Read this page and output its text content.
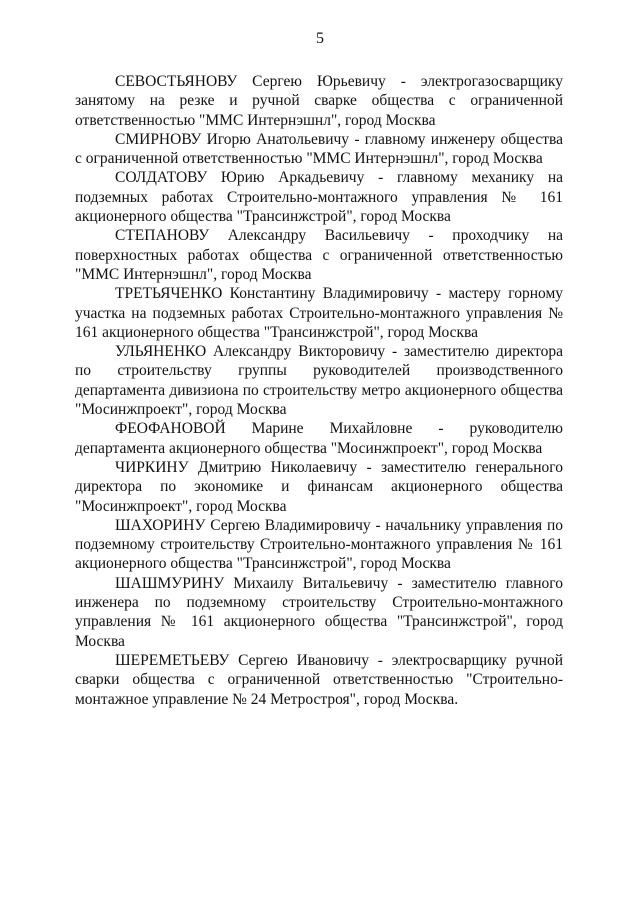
5

СЕВОСТЬЯНОВУ Сергею Юрьевичу - электрогазосварщику занятому на резке и ручной сварке общества с ограниченной ответственностью "ММС Интернэшнл", город Москва

СМИРНОВУ Игорю Анатольевичу - главному инженеру общества с ограниченной ответственностью "ММС Интернэшнл", город Москва

СОЛДАТОВУ Юрию Аркадьевичу - главному механику на подземных работах Строительно-монтажного управления № 161 акционерного общества "Трансинжстрой", город Москва

СТЕПАНОВУ Александру Васильевичу - проходчику на поверхностных работах общества с ограниченной ответственностью "ММС Интернэшнл", город Москва

ТРЕТЬЯЧЕНКО Константину Владимировичу - мастеру горному участка на подземных работах Строительно-монтажного управления № 161 акционерного общества "Трансинжстрой", город Москва

УЛЬЯНЕНКО Александру Викторовичу - заместителю директора по строительству группы руководителей производственного департамента дивизиона по строительству метро акционерного общества "Мосинжпроект", город Москва

ФЕОФАНОВОЙ Марине Михайловне - руководителю департамента акционерного общества "Мосинжпроект", город Москва

ЧИРКИНУ Дмитрию Николаевичу - заместителю генерального директора по экономике и финансам акционерного общества "Мосинжпроект", город Москва

ШАХОРИНУ Сергею Владимировичу - начальнику управления по подземному строительству Строительно-монтажного управления № 161 акционерного общества "Трансинжстрой", город Москва

ШАШМУРИНУ Михаилу Витальевичу - заместителю главного инженера по подземному строительству Строительно-монтажного управления № 161 акционерного общества "Трансинжстрой", город Москва

ШЕРЕМЕТЬЕВУ Сергею Ивановичу - электросварщику ручной сварки общества с ограниченной ответственностью "Строительно-монтажное управление № 24 Метростроя", город Москва.
